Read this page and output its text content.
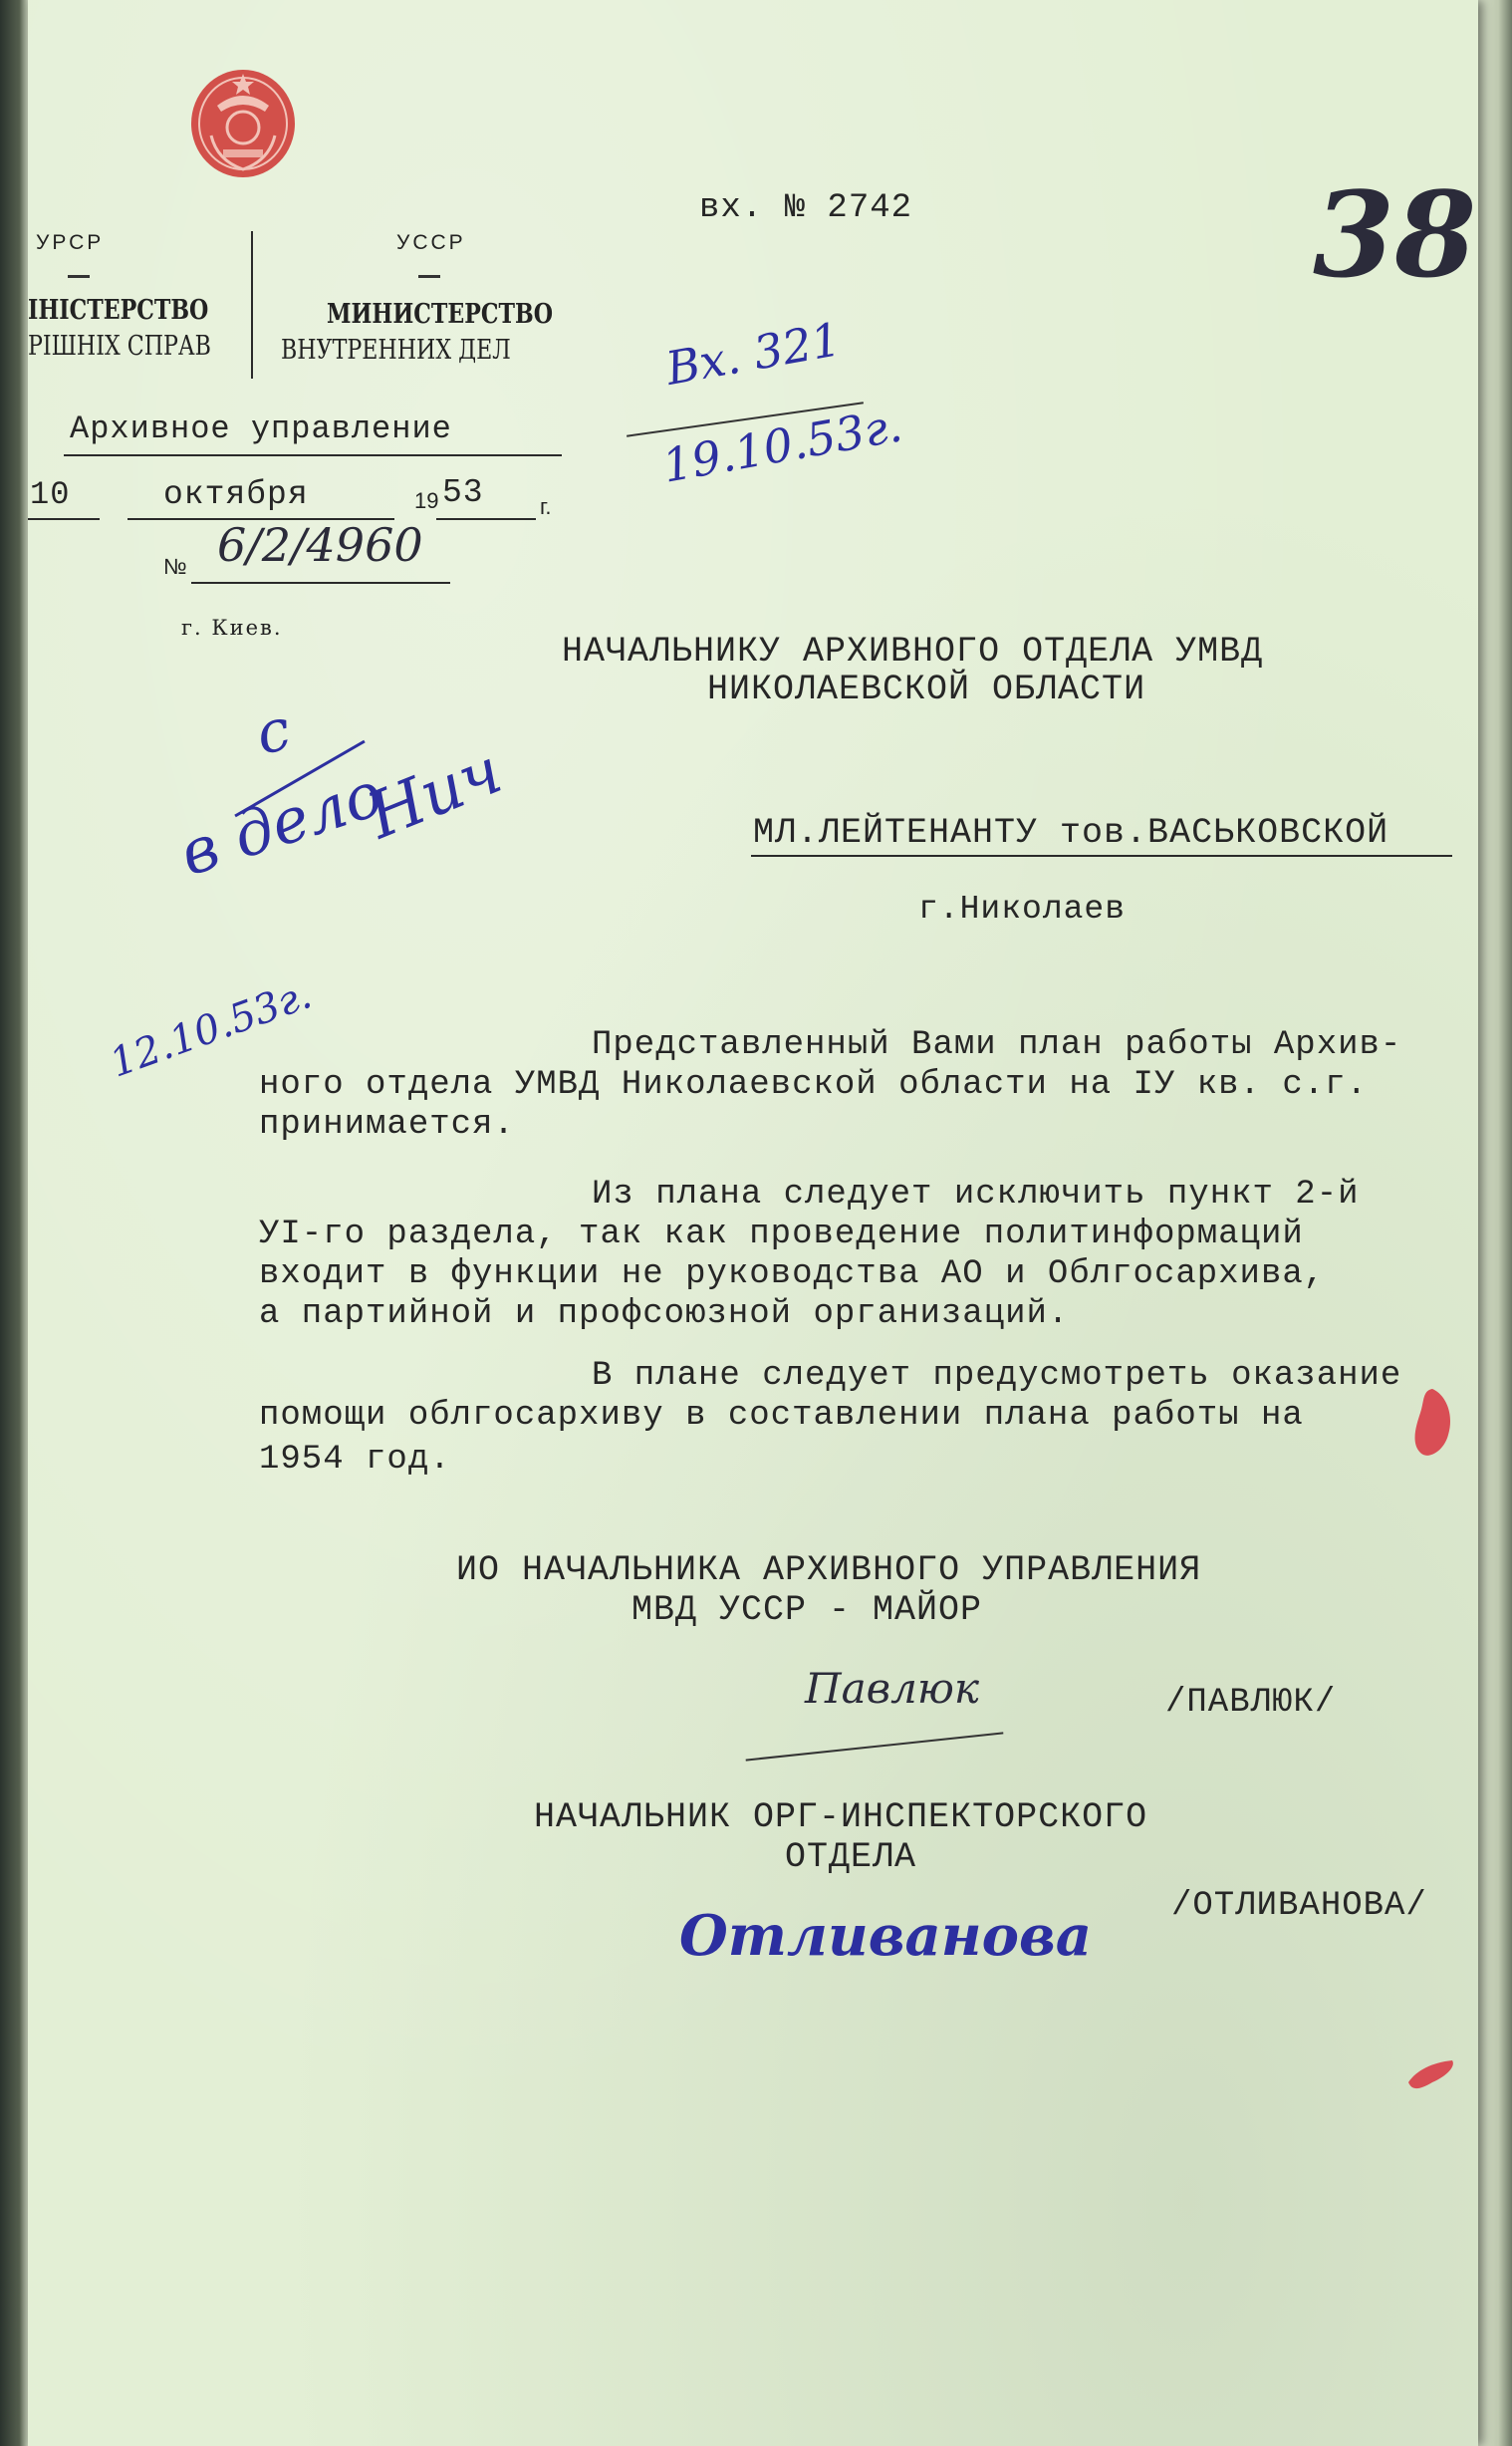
УРСР
ІНІСТЕРСТВО
РІШНІХ СПРАВ
УССР
МИНИСТЕРСТВО
ВНУТРЕННИХ ДЕЛ
Архивное управление
10	октября	19 53	г.
№ 6/2/4960
г. Киев.
вх. № 2742	38
Вх. 321
19.10.53г.
НАЧАЛЬНИКУ АРХИВНОГО ОТДЕЛА УМВД
НИКОЛАЕВСКОЙ ОБЛАСТИ
МЛ.ЛЕЙТЕНАНТУ тов.ВАСЬКОВСКОЙ
г.Николаев
с
в дело
Нич
12.10.53г.	Представленный Вами план работы Архив-
ного отдела УМВД Николаевской области на IУ кв. с.г.
принимается.
Из плана следует исключить пункт 2-й
УI-го раздела, так как проведение политинформаций
входит в функции не руководства АО и Облгосархива,
а партийной и профсоюзной организаций.
В плане следует предусмотреть оказание
помощи облгосархиву в составлении плана работы на
1954 год.
ИО НАЧАЛЬНИКА АРХИВНОГО УПРАВЛЕНИЯ
МВД УССР - МАЙОР
Павлюк	/ПАВЛЮК/
НАЧАЛЬНИК ОРГ-ИНСПЕКТОРСКОГО
ОТДЕЛА
Отливанова /ОТЛИВАНОВА/
